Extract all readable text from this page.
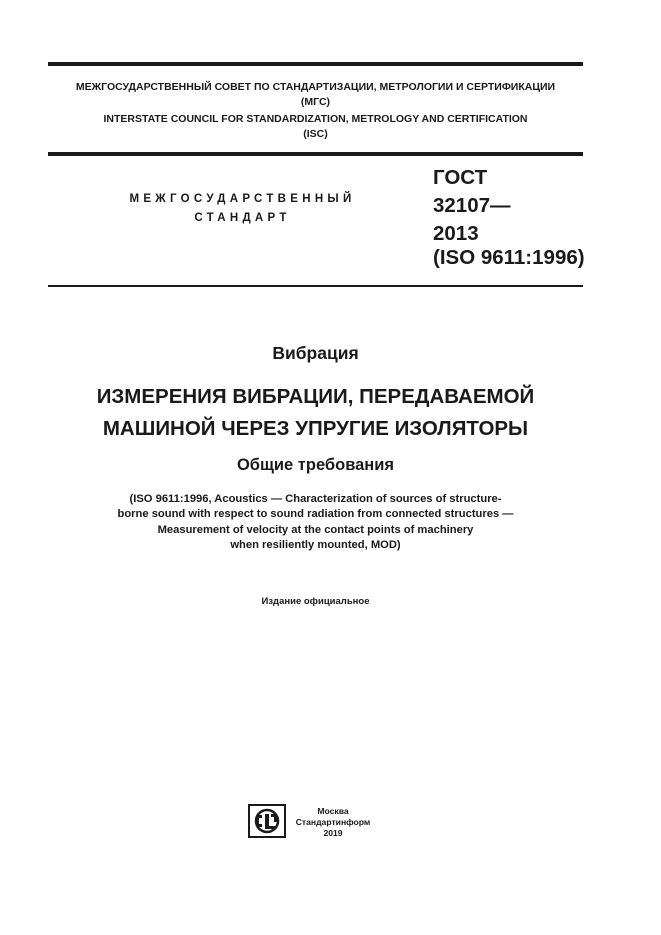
МЕЖГОСУДАРСТВЕННЫЙ СОВЕТ ПО СТАНДАРТИЗАЦИИ, МЕТРОЛОГИИ И СЕРТИФИКАЦИИ
(МГС)
INTERSTATE COUNCIL FOR STANDARDIZATION, METROLOGY AND CERTIFICATION
(ISC)
МЕЖГОСУДАРСТВЕННЫЙ
СТАНДАРТ
ГОСТ
32107—
2013
(ISO 9611:1996)
Вибрация
ИЗМЕРЕНИЯ ВИБРАЦИИ, ПЕРЕДАВАЕМОЙ
МАШИНОЙ ЧЕРЕЗ УПРУГИЕ ИЗОЛЯТОРЫ
Общие требования
(ISO 9611:1996, Acoustics — Characterization of sources of structure-
borne sound with respect to sound radiation from connected structures —
Measurement of velocity at the contact points of machinery
when resiliently mounted, MOD)
Издание официальное
Москва
Стандартинформ
2019
